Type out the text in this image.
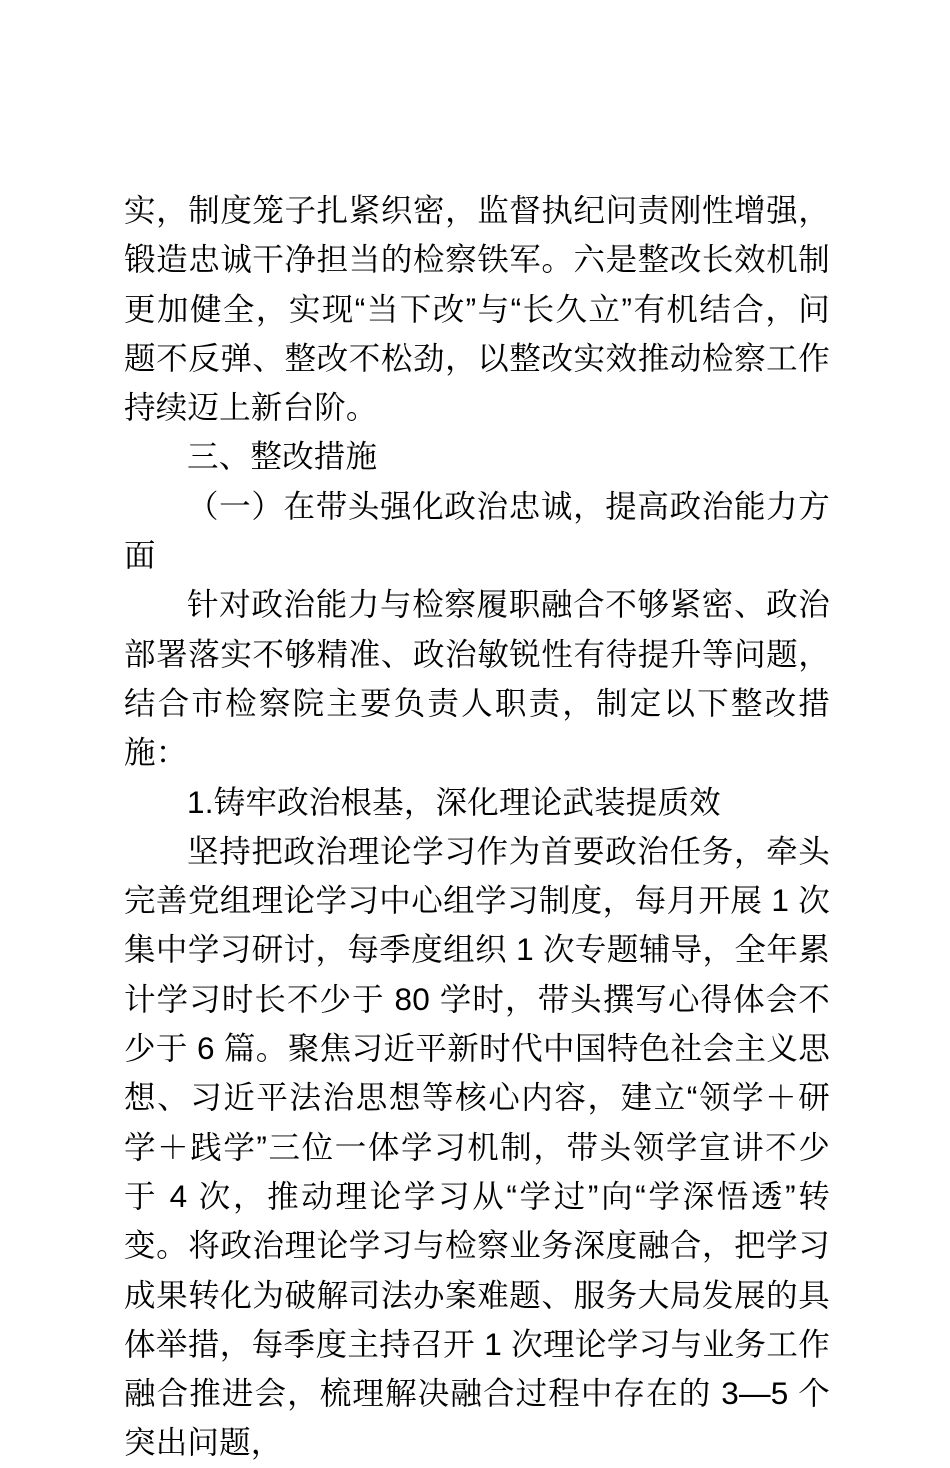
实，制度笼子扎紧织密，监督执纪问责刚性增强，锻造忠诚干净担当的检察铁军。六是整改长效机制更加健全，实现“当下改”与“长久立”有机结合，问题不反弹、整改不松劲，以整改实效推动检察工作持续迈上新台阶。

三、整改措施

（一）在带头强化政治忠诚，提高政治能力方面

针对政治能力与检察履职融合不够紧密、政治部署落实不够精准、政治敏锐性有待提升等问题，结合市检察院主要负责人职责，制定以下整改措施：

1.铸牢政治根基，深化理论武装提质效

坚持把政治理论学习作为首要政治任务，牵头完善党组理论学习中心组学习制度，每月开展 1 次集中学习研讨，每季度组织 1 次专题辅导，全年累计学习时长不少于 80 学时，带头撰写心得体会不少于 6 篇。聚焦习近平新时代中国特色社会主义思想、习近平法治思想等核心内容，建立“领学＋研学＋践学”三位一体学习机制，带头领学宣讲不少于 4 次，推动理论学习从“学过”向“学深悟透”转变。将政治理论学习与检察业务深度融合，把学习成果转化为破解司法办案难题、服务大局发展的具体举措，每季度主持召开 1 次理论学习与业务工作融合推进会，梳理解决融合过程中存在的 3—5 个突出问题，
